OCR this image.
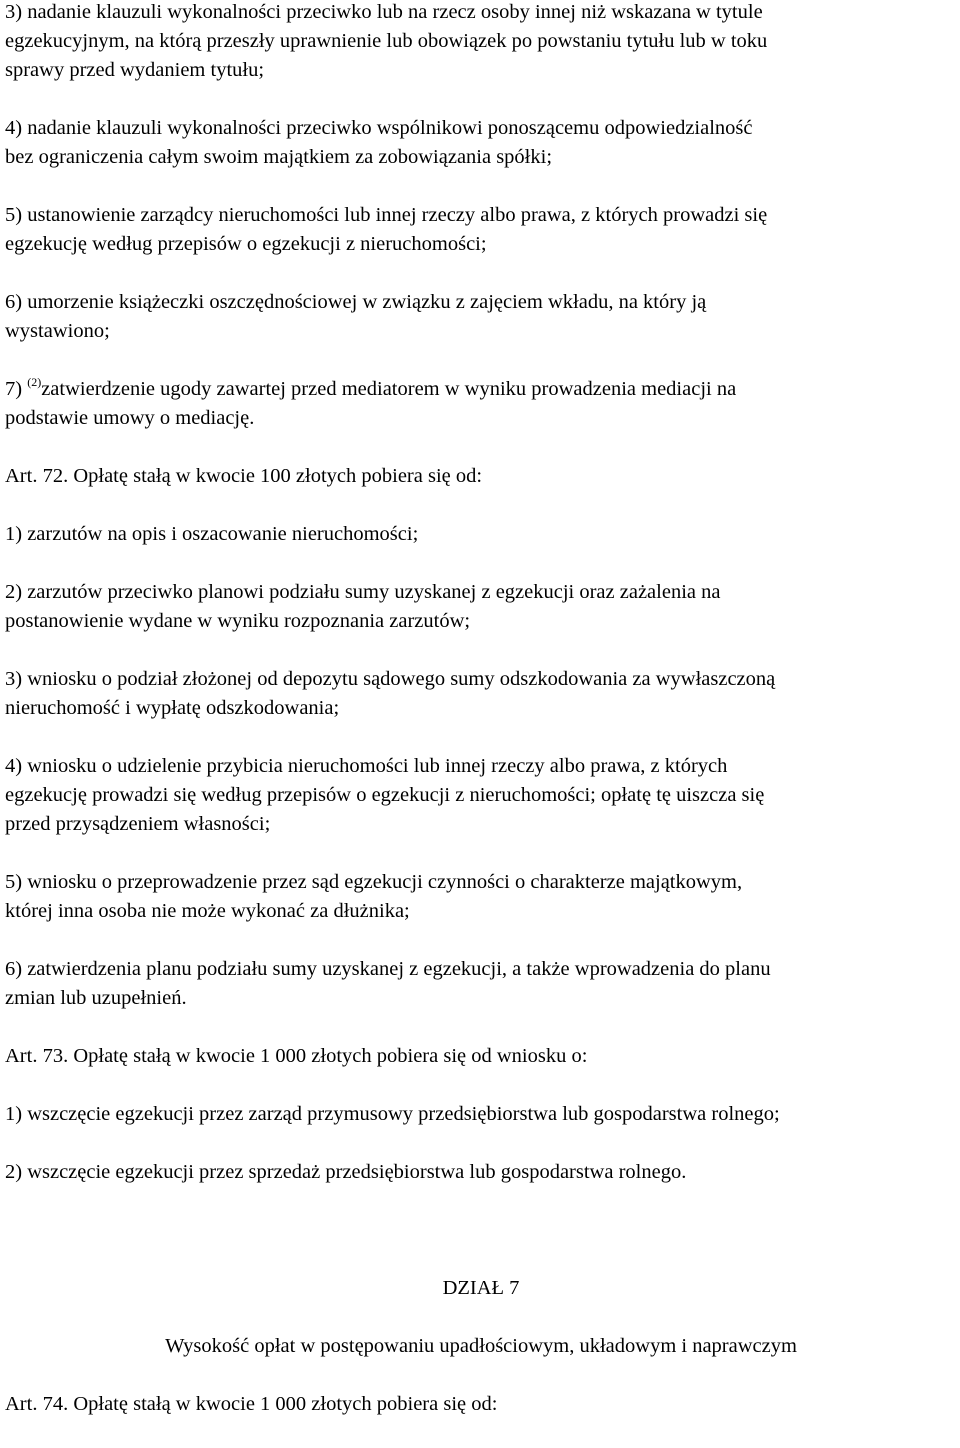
3) nadanie klauzuli wykonalności przeciwko lub na rzecz osoby innej niż wskazana w tytule
egzekucyjnym, na którą przeszły uprawnienie lub obowiązek po powstaniu tytułu lub w toku
sprawy przed wydaniem tytułu;
4) nadanie klauzuli wykonalności przeciwko wspólnikowi ponoszącemu odpowiedzialność
bez ograniczenia całym swoim majątkiem za zobowiązania spółki;
5) ustanowienie zarządcy nieruchomości lub innej rzeczy albo prawa, z których prowadzi się
egzekucję według przepisów o egzekucji z nieruchomości;
6) umorzenie książeczki oszczędnościowej w związku z zajęciem wkładu, na który ją
wystawiono;
7) $^{(2)}$zatwierdzenie ugody zawartej przed mediatorem w wyniku prowadzenia mediacji na
podstawie umowy o mediację.
Art. 72. Opłatę stałą w kwocie 100 złotych pobiera się od:
1) zarzutów na opis i oszacowanie nieruchomości;
2) zarzutów przeciwko planowi podziału sumy uzyskanej z egzekucji oraz zażalenia na
postanowienie wydane w wyniku rozpoznania zarzutów;
3) wniosku o podział złożonej od depozytu sądowego sumy odszkodowania za wywłaszczoną
nieruchomość i wypłatę odszkodowania;
4) wniosku o udzielenie przybicia nieruchomości lub innej rzeczy albo prawa, z których
egzekucję prowadzi się według przepisów o egzekucji z nieruchomości; opłatę tę uiszcza się
przed przysądzeniem własności;
5) wniosku o przeprowadzenie przez sąd egzekucji czynności o charakterze majątkowym,
której inna osoba nie może wykonać za dłużnika;
6) zatwierdzenia planu podziału sumy uzyskanej z egzekucji, a także wprowadzenia do planu
zmian lub uzupełnień.
Art. 73. Opłatę stałą w kwocie 1 000 złotych pobiera się od wniosku o:
1) wszczęcie egzekucji przez zarząd przymusowy przedsiębiorstwa lub gospodarstwa rolnego;
2) wszczęcie egzekucji przez sprzedaż przedsiębiorstwa lub gospodarstwa rolnego.
DZIAŁ 7
Wysokość opłat w postępowaniu upadłościowym, układowym i naprawczym
Art. 74. Opłatę stałą w kwocie 1 000 złotych pobiera się od:
